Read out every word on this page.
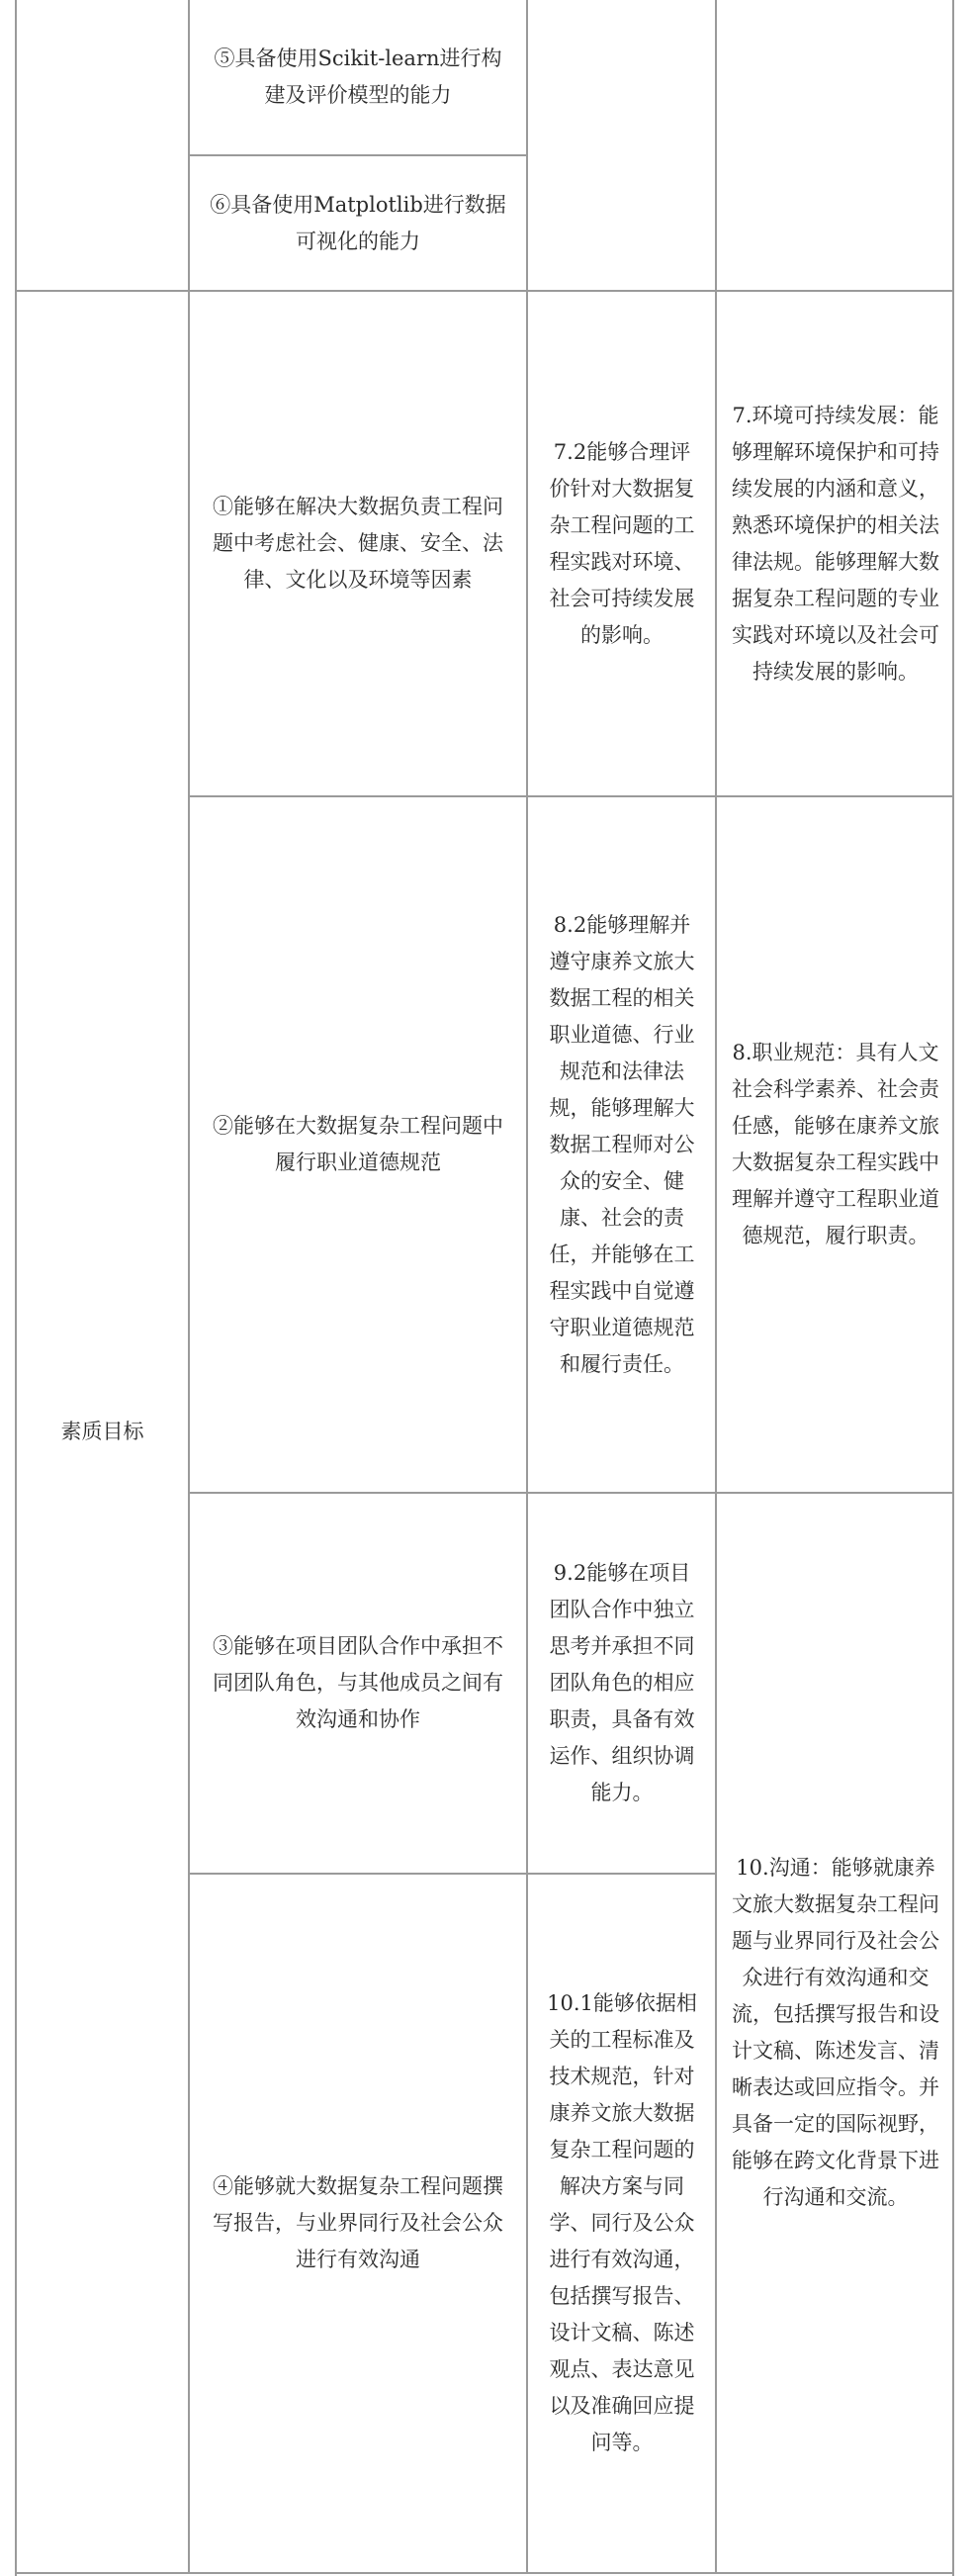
素质目标
⑤具备使用Scikit-learn进行构建及评价模型的能力
⑥具备使用Matplotlib进行数据可视化的能力
①能够在解决大数据负责工程问题中考虑社会、健康、安全、法律、文化以及环境等因素
②能够在大数据复杂工程问题中履行职业道德规范
③能够在项目团队合作中承担不同团队角色，与其他成员之间有效沟通和协作
④能够就大数据复杂工程问题撰写报告，与业界同行及社会公众进行有效沟通
7.2能够合理评价针对大数据复杂工程问题的工程实践对环境、社会可持续发展的影响。
8.2能够理解并遵守康养文旅大数据工程的相关职业道德、行业规范和法律法规，能够理解大数据工程师对公众的安全、健康、社会的责任，并能够在工程实践中自觉遵守职业道德规范和履行责任。
9.2能够在项目团队合作中独立思考并承担不同团队角色的相应职责，具备有效运作、组织协调能力。
10.1能够依据相关的工程标准及技术规范，针对康养文旅大数据复杂工程问题的解决方案与同学、同行及公众进行有效沟通，包括撰写报告、设计文稿、陈述观点、表达意见以及准确回应提问等。
7.环境可持续发展：能够理解环境保护和可持续发展的内涵和意义，熟悉环境保护的相关法律法规。能够理解大数据复杂工程问题的专业实践对环境以及社会可持续发展的影响。
8.职业规范：具有人文社会科学素养、社会责任感，能够在康养文旅大数据复杂工程实践中理解并遵守工程职业道德规范，履行职责。
10.沟通：能够就康养文旅大数据复杂工程问题与业界同行及社会公众进行有效沟通和交流，包括撰写报告和设计文稿、陈述发言、清晰表达或回应指令。并具备一定的国际视野，能够在跨文化背景下进行沟通和交流。
